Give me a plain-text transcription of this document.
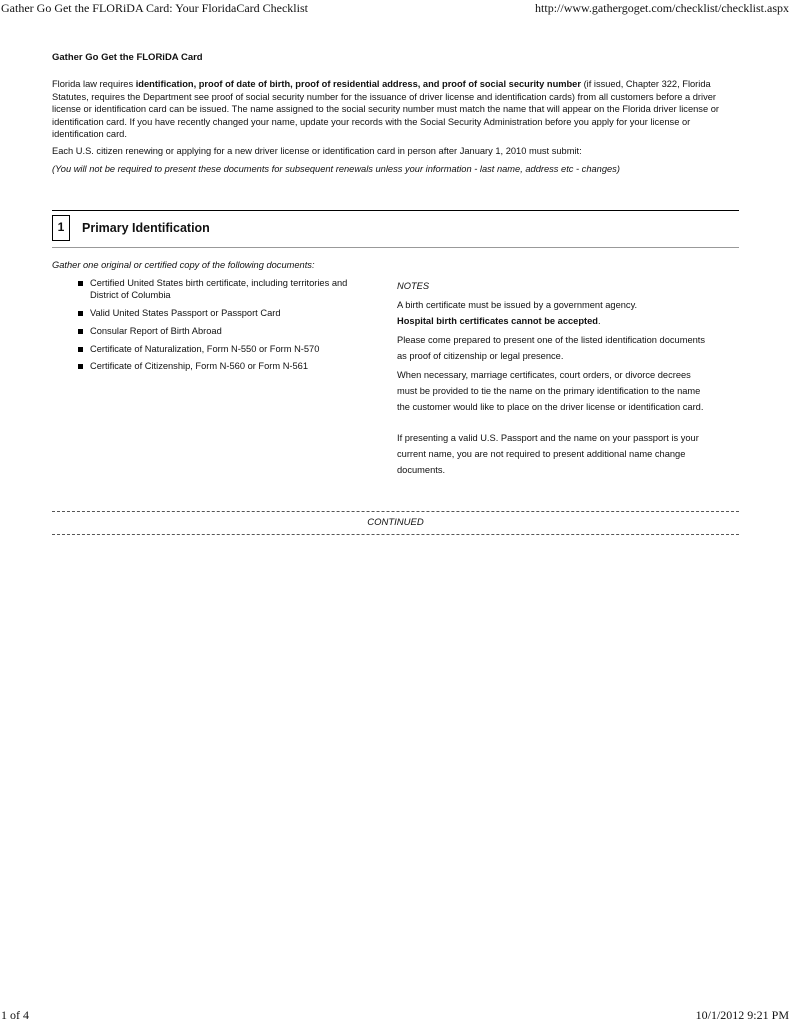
Gather Go Get the FLORiDA Card: Your FloridaCard Checklist	http://www.gathergoget.com/checklist/checklist.aspx
Gather Go Get the FLORiDA Card

Florida law requires identification, proof of date of birth, proof of residential address, and proof of social security number (if issued, Chapter 322, Florida Statutes, requires the Department see proof of social security number for the issuance of driver license and identification cards) from all customers before a driver license or identification card can be issued. The name assigned to the social security number must match the name that will appear on the Florida driver license or identification card. If you have recently changed your name, update your records with the Social Security Administration before you apply for your license or identification card.

Each U.S. citizen renewing or applying for a new driver license or identification card in person after January 1, 2010 must submit:

(You will not be required to present these documents for subsequent renewals unless your information - last name, address etc - changes)

1	Primary Identification
Gather one original or certified copy of the following documents:
Certified United States birth certificate, including territories and District of Columbia
Valid United States Passport or Passport Card
Consular Report of Birth Abroad
Certificate of Naturalization, Form N-550 or Form N-570
Certificate of Citizenship, Form N-560 or Form N-561
NOTES

A birth certificate must be issued by a government agency.
Hospital birth certificates cannot be accepted.

Please come prepared to present one of the listed identification documents as proof of citizenship or legal presence.

When necessary, marriage certificates, court orders, or divorce decrees must be provided to tie the name on the primary identification to the name the customer would like to place on the driver license or identification card.

If presenting a valid U.S. Passport and the name on your passport is your current name, you are not required to present additional name change documents.

CONTINUED
1 of 4	10/1/2012 9:21 PM
